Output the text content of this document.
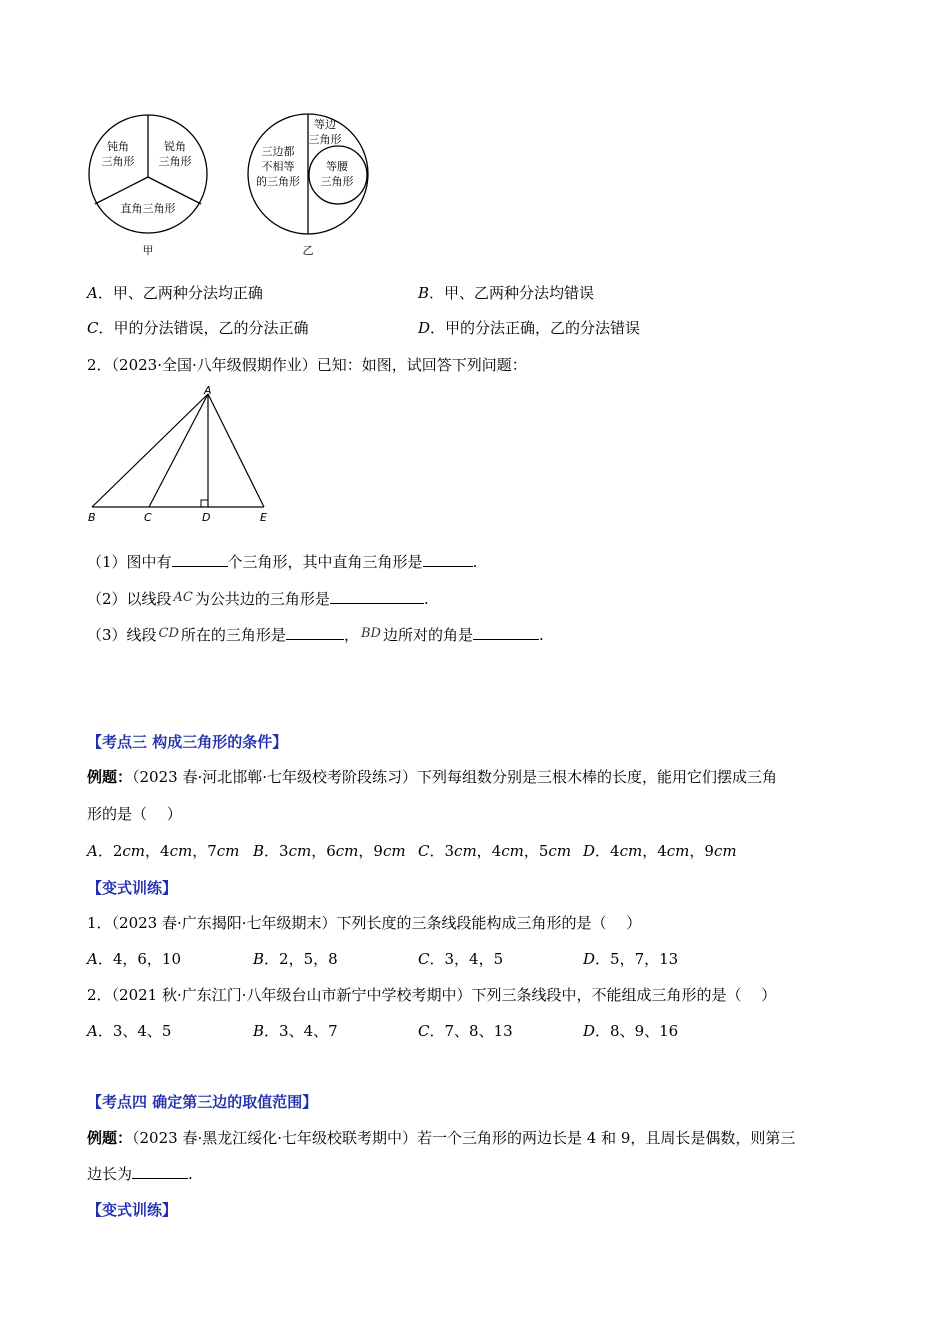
钝角
三角形
锐角
三角形
直角三角形
甲
三边都
不相等
的三角形
等边
三角形
等腰
三角形
乙
A．甲、乙两种分法均正确	B．甲、乙两种分法均错误
C．甲的分法错误，乙的分法正确	D．甲的分法正确，乙的分法错误
2．（2023·全国·八年级假期作业）已知：如图，试回答下列问题：
A
B	C	D	E
（1）图中有	个三角形，其中直角三角形是	.
（2）以线段 AC 为公共边的三角形是	.
（3）线段 CD 所在的三角形是	， BD 边所对的角是	.
【考点三 构成三角形的条件】
例题：（2023 春·河北邯郸·七年级校考阶段练习）下列每组数分别是三根木棒的长度，能用它们摆成三角
形的是（　 ）
A．2cm，4cm，7cm B．3cm，6cm，9cm C．3cm，4cm，5cm D．4cm，4cm，9cm
【变式训练】
1．（2023 春·广东揭阳·七年级期末）下列长度的三条线段能构成三角形的是（　 ）
A．4，6，10	B．2，5，8	C．3，4，5	D．5，7，13
2．（2021 秋·广东江门·八年级台山市新宁中学校考期中）下列三条线段中，不能组成三角形的是（　 ）
A．3、4、5	B．3、4、7	C．7、8、13	D．8、9、16
【考点四 确定第三边的取值范围】
例题：（2023 春·黑龙江绥化·七年级校联考期中）若一个三角形的两边长是 4 和 9，且周长是偶数，则第三
边长为	.
【变式训练】
